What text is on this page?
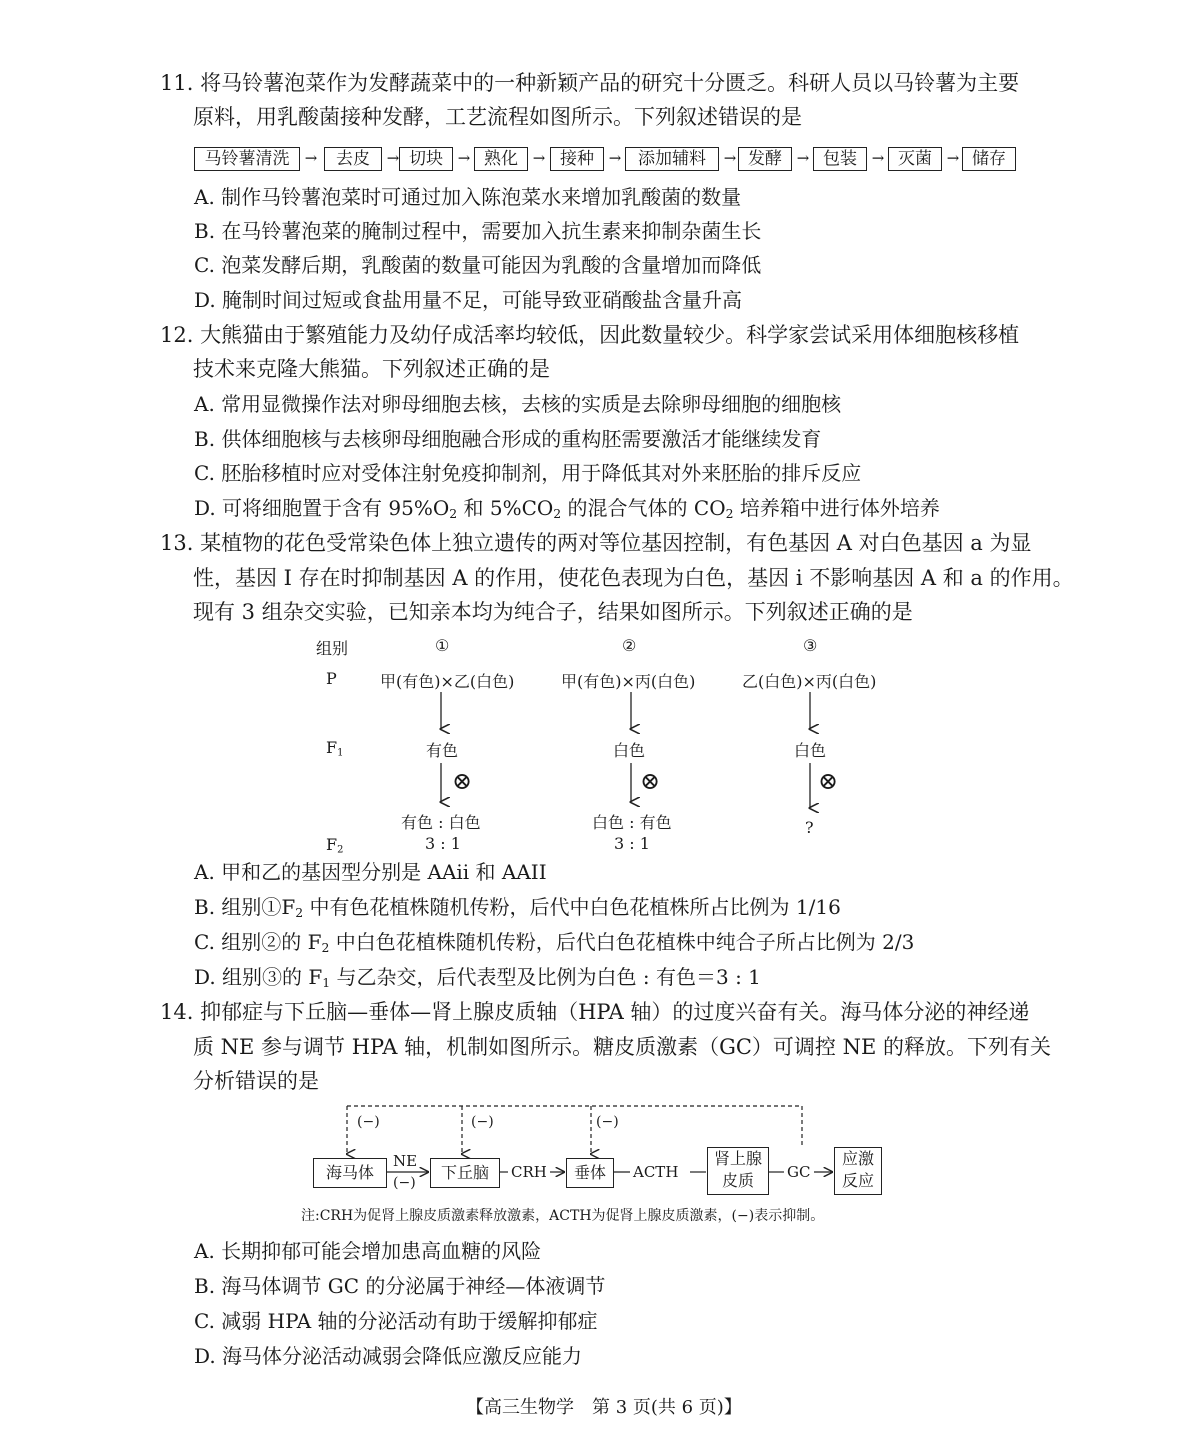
11. 将马铃薯泡菜作为发酵蔬菜中的一种新颖产品的研究十分匮乏。科研人员以马铃薯为主要
原料，用乳酸菌接种发酵，工艺流程如图所示。下列叙述错误的是
马铃薯清洗	→	去皮	→ 切块 → 熟化 → 接种 → 添加辅料	→ 发酵 → 包装 → 灭菌 → 储存
A. 制作马铃薯泡菜时可通过加入陈泡菜水来增加乳酸菌的数量
B. 在马铃薯泡菜的腌制过程中，需要加入抗生素来抑制杂菌生长
C. 泡菜发酵后期，乳酸菌的数量可能因为乳酸的含量增加而降低
D. 腌制时间过短或食盐用量不足，可能导致亚硝酸盐含量升高
12. 大熊猫由于繁殖能力及幼仔成活率均较低，因此数量较少。科学家尝试采用体细胞核移植
技术来克隆大熊猫。下列叙述正确的是
A. 常用显微操作法对卵母细胞去核，去核的实质是去除卵母细胞的细胞核
B. 供体细胞核与去核卵母细胞融合形成的重构胚需要激活才能继续发育
C. 胚胎移植时应对受体注射免疫抑制剂，用于降低其对外来胚胎的排斥反应
D. 可将细胞置于含有 $95\%O_2$ 和 $5\%CO_2$ 的混合气体的 $CO_2$ 培养箱中进行体外培养
13. 某植物的花色受常染色体上独立遗传的两对等位基因控制，有色基因 A 对白色基因 a 为显
性，基因 I 存在时抑制基因 A 的作用，使花色表现为白色，基因 i 不影响基因 A 和 a 的作用。
现有 3 组杂交实验，已知亲本均为纯合子，结果如图所示。下列叙述正确的是
组别
P
$F_1$
$F_2$
①
甲(有色)×乙(白色)
有色
⊗
有色 : 白色
3 : 1
②
甲(有色)×丙(白色)
白色
⊗
白色 : 有色
3 : 1
③
乙(白色)×丙(白色)
白色
⊗
?
A. 甲和乙的基因型分别是 AAii 和 AAII
B. 组别$①F_2$ 中有色花植株随机传粉，后代中白色花植株所占比例为 1/16
C. 组别②的 $F_2$ 中白色花植株随机传粉，后代白色花植株中纯合子所占比例为 2/3
D. 组别③的 $F_1$ 与乙杂交，后代表型及比例为白色 : 有色＝3 : 1
14. 抑郁症与下丘脑—垂体—肾上腺皮质轴（HPA 轴）的过度兴奋有关。海马体分泌的神经递
质 NE 参与调节 HPA 轴，机制如图所示。糖皮质激素（GC）可调控 NE 的释放。下列有关
分析错误的是
(−)	(−)	(−)
海马体
NE
(−)
下丘脑	CRH	垂体	ACTH
肾上腺
皮质	GC
应激
反应
注:CRH为促肾上腺皮质激素释放激素，ACTH为促肾上腺皮质激素，(−)表示抑制。
A. 长期抑郁可能会增加患高血糖的风险
B. 海马体调节 GC 的分泌属于神经—体液调节
C. 减弱 HPA 轴的分泌活动有助于缓解抑郁症
D. 海马体分泌活动减弱会降低应激反应能力
【高三生物学　第 3 页(共 6 页)】
